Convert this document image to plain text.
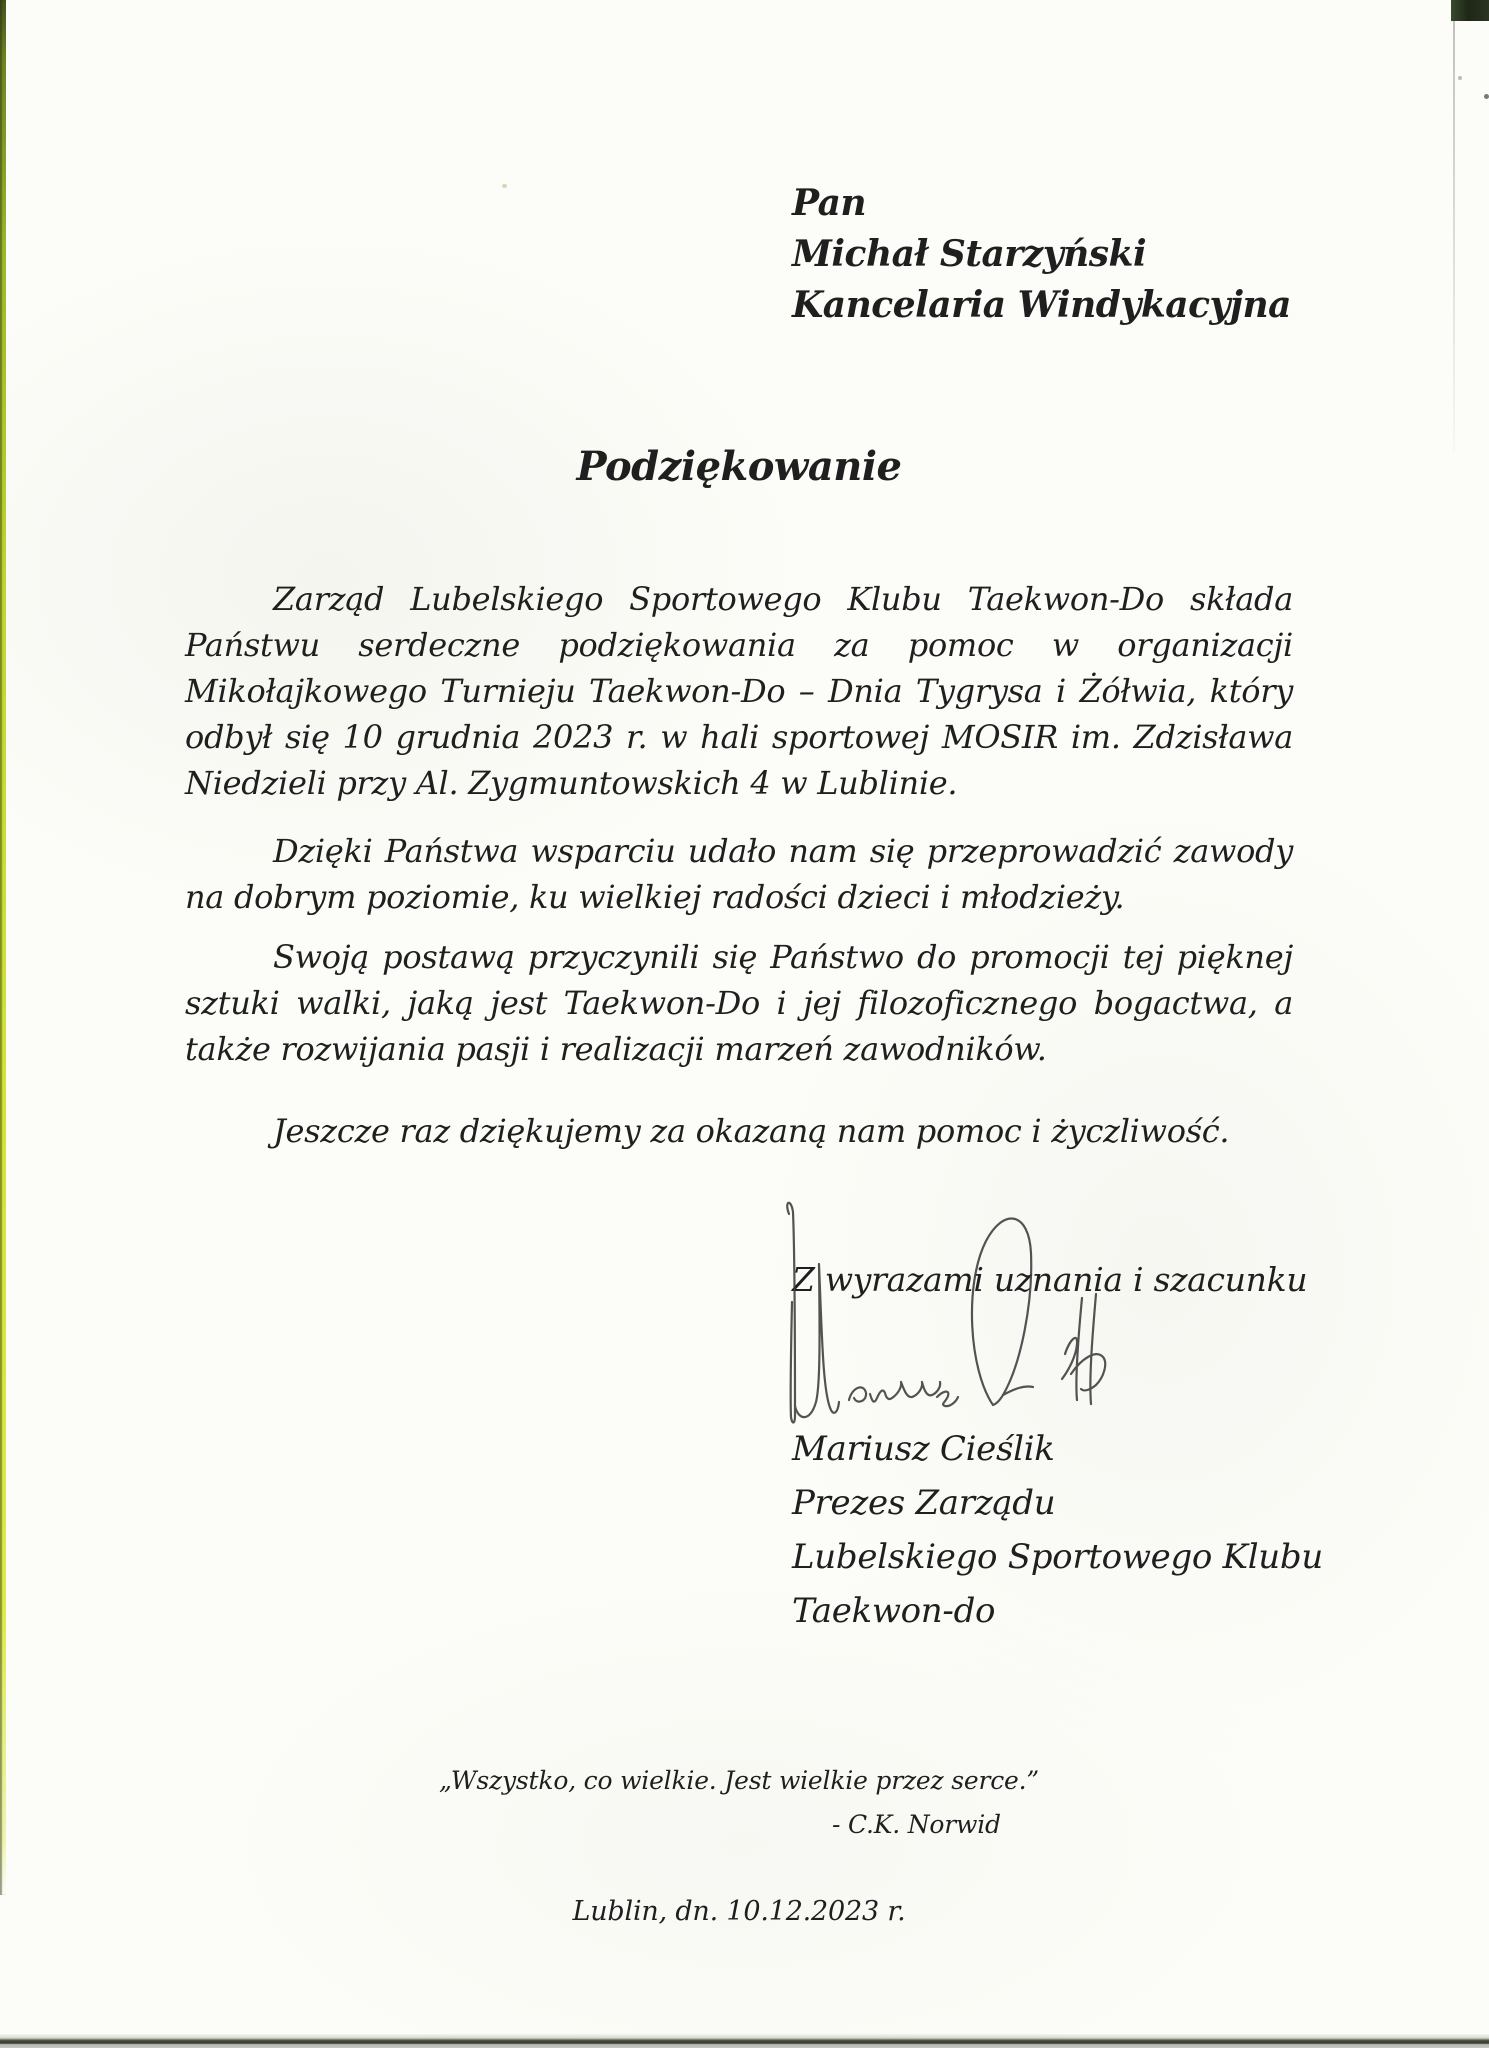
Pan
Michał Starzyński
Kancelaria Windykacyjna
Podziękowanie

Zarząd Lubelskiego Sportowego Klubu Taekwon-Do składa Państwu serdeczne podziękowania za pomoc w organizacji Mikołajkowego Turnieju Taekwon-Do – Dnia Tygrysa i Żółwia, który odbył się 10 grudnia 2023 r. w hali sportowej MOSIR im. Zdzisława Niedzieli przy Al. Zygmuntowskich 4 w Lublinie.

Dzięki Państwa wsparciu udało nam się przeprowadzić zawody na dobrym poziomie, ku wielkiej radości dzieci i młodzieży.

Swoją postawą przyczynili się Państwo do promocji tej pięknej sztuki walki, jaką jest Taekwon-Do i jej filozoficznego bogactwa, a także rozwijania pasji i realizacji marzeń zawodników.

Jeszcze raz dziękujemy za okazaną nam pomoc i życzliwość.

Z wyrazami uznania i szacunku
Mariusz Cieślik
Prezes Zarządu
Lubelskiego Sportowego Klubu
Taekwon-do
„Wszystko, co wielkie. Jest wielkie przez serce.”
- C.K. Norwid
Lublin, dn. 10.12.2023 r.
